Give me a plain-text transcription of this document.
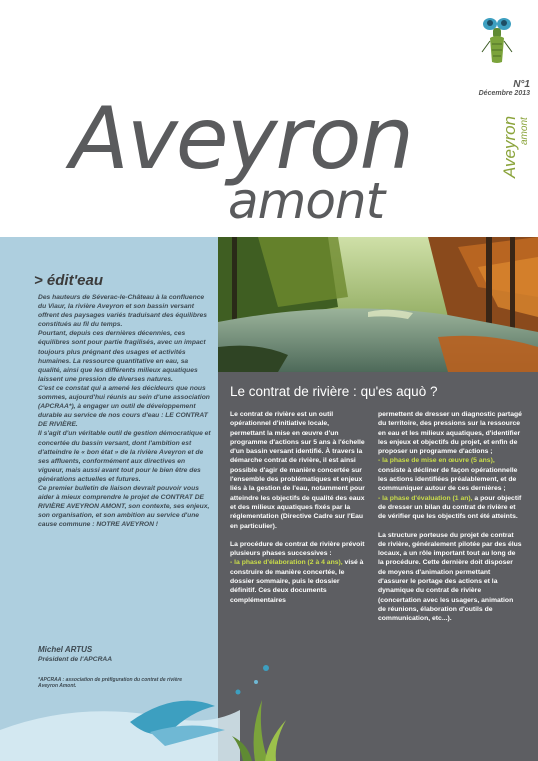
N°1
Décembre 2013
Aveyron
amont
Aveyron amont
> édit'eau

Des hauteurs de Séverac-le-Château à la confluence du Viaur, la rivière Aveyron et son bassin versant offrent des paysages variés traduisant des équilibres constitués au fil du temps.

Pourtant, depuis ces dernières décennies, ces équilibres sont pour partie fragilisés, avec un impact toujours plus prégnant des usages et activités humaines. La ressource quantitative en eau, sa qualité, ainsi que les différents milieux aquatiques laissent une pression de diverses natures.

C'est ce constat qui a amené les décideurs que nous sommes, aujourd'hui réunis au sein d'une association (APCRAA*), à engager un outil de développement durable au service de nos cours d'eau : LE CONTRAT DE RIVIÈRE.

Il s'agit d'un véritable outil de gestion démocratique et concertée du bassin versant, dont l'ambition est d'atteindre le « bon état » de la rivière Aveyron et de ses affluents, conformément aux directives en vigueur, mais aussi avant tout pour le bien être des générations actuelles et futures.

Ce premier bulletin de liaison devrait pouvoir vous aider à mieux comprendre le projet de CONTRAT DE RIVIÈRE AVEYRON AMONT, son contexte, ses enjeux, son organisation, et son ambition au service d'une cause commune : NOTRE AVEYRON !

Michel ARTUS
Président de l'APCRAA
*APCRAA : association de préfiguration du contrat de rivière Aveyron Amont.
Le contrat de rivière : qu'es aquò ?

Le contrat de rivière est un outil opérationnel d'initiative locale, permettant la mise en œuvre d'un programme d'actions sur 5 ans à l'échelle d'un bassin versant identifié. À travers la démarche contrat de rivière, il est ainsi possible d'agir de manière concertée sur l'ensemble des problématiques et enjeux liés à la gestion de l'eau, notamment pour atteindre les objectifs de qualité des eaux et des milieux aquatiques fixés par la réglementation (Directive Cadre sur l'Eau en particulier).

La procédure de contrat de rivière prévoit plusieurs phases successives :
- la phase d'élaboration (2 à 4 ans), visé à construire de manière concertée, le dossier sommaire, puis le dossier définitif. Ces deux documents complémentaires

permettent de dresser un diagnostic partagé du territoire, des pressions sur la ressource en eau et les milieux aquatiques, d'identifier les enjeux et objectifs du projet, et enfin de proposer un programme d'actions ;
- la phase de mise en œuvre (5 ans), consiste à décliner de façon opérationnelle les actions identifiées préalablement, et de communiquer autour de ces dernières ;
- la phase d'évaluation (1 an), a pour objectif de dresser un bilan du contrat de rivière et de vérifier que les objectifs ont été atteints.

La structure porteuse du projet de contrat de rivière, généralement pilotée par des élus locaux, a un rôle important tout au long de la procédure. Cette dernière doit disposer de moyens d'animation permettant d'assurer le portage des actions et la dynamique du contrat de rivière (concertation avec les usagers, animation de réunions, élaboration d'outils de communication, etc...).
